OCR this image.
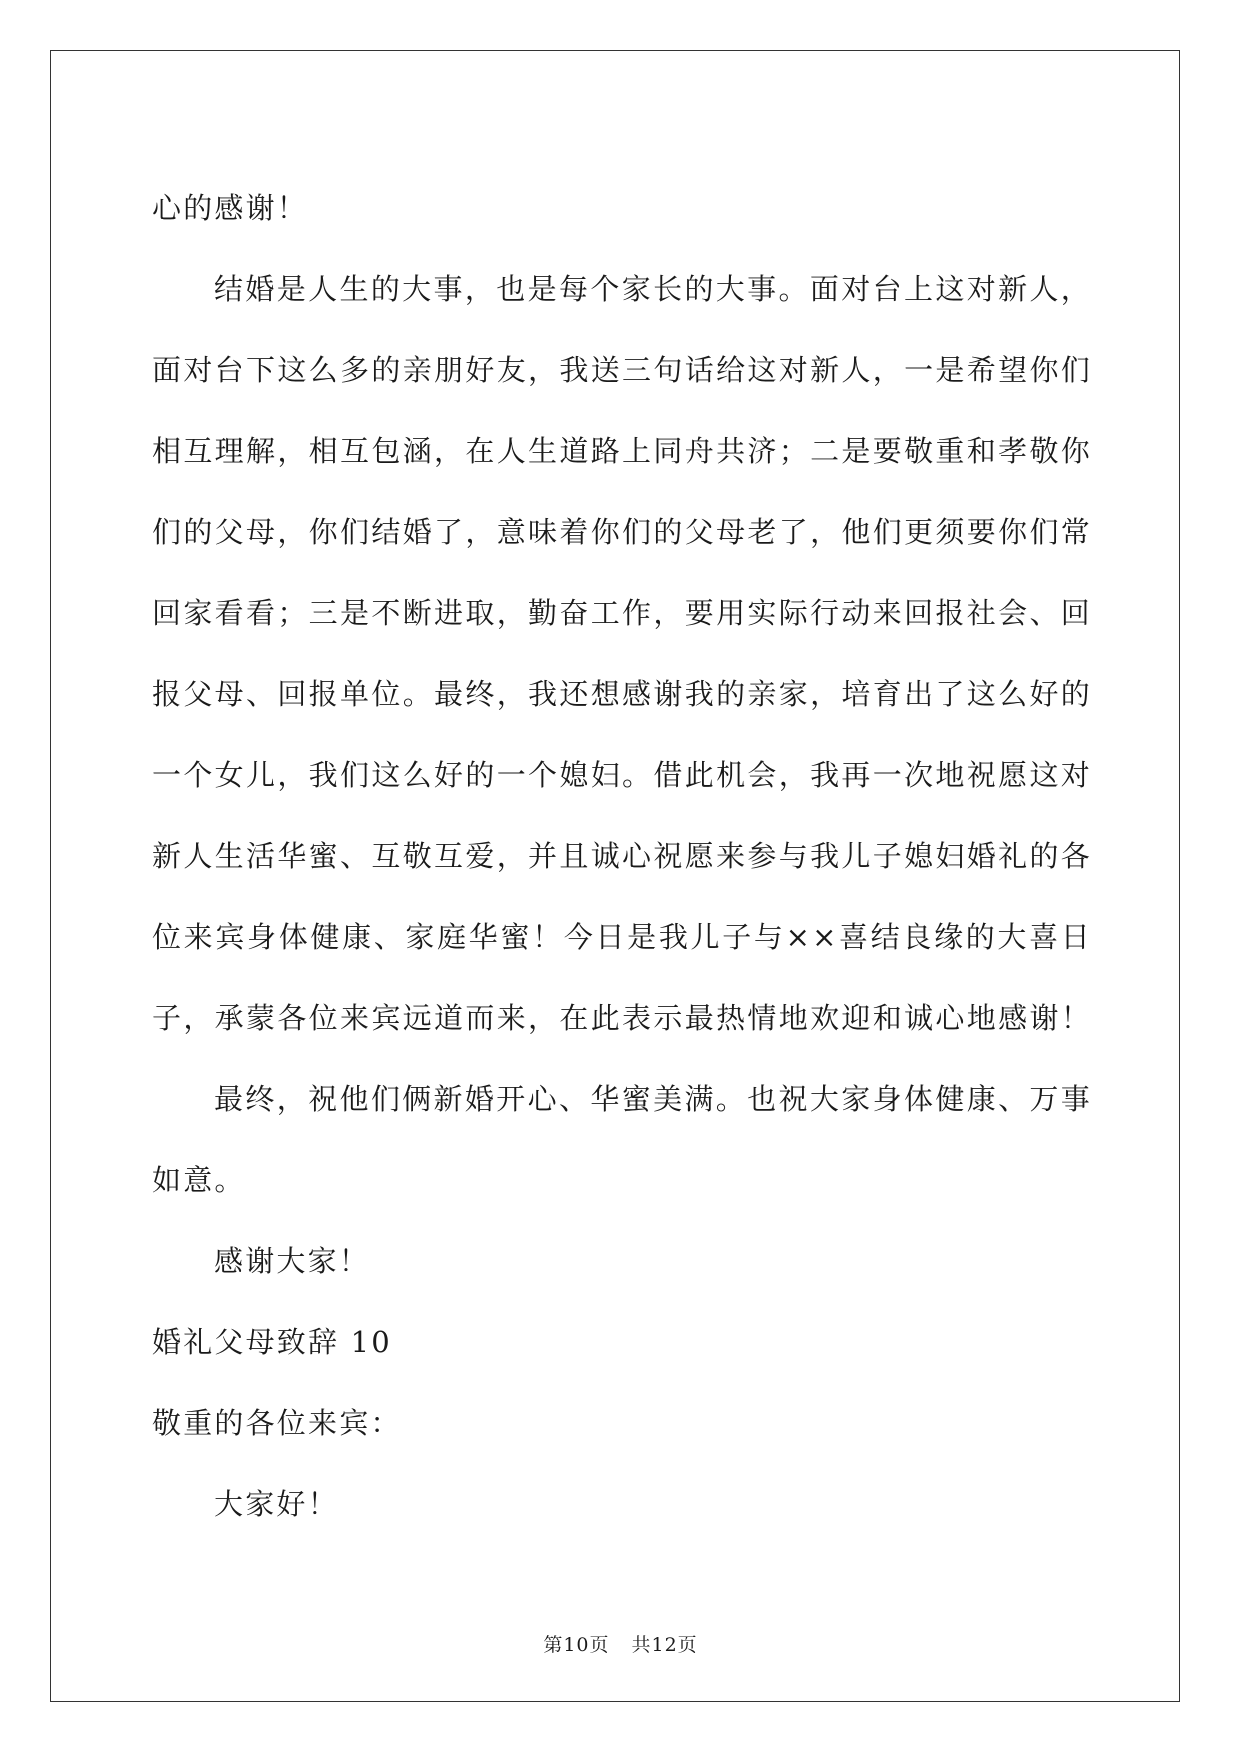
心的感谢！
结婚是人生的大事，也是每个家长的大事。面对台上这对新人，
面对台下这么多的亲朋好友，我送三句话给这对新人，一是希望你们
相互理解，相互包涵，在人生道路上同舟共济；二是要敬重和孝敬你
们的父母，你们结婚了，意味着你们的父母老了，他们更须要你们常
回家看看；三是不断进取，勤奋工作，要用实际行动来回报社会、回
报父母、回报单位。最终，我还想感谢我的亲家，培育出了这么好的
一个女儿，我们这么好的一个媳妇。借此机会，我再一次地祝愿这对
新人生活华蜜、互敬互爱，并且诚心祝愿来参与我儿子媳妇婚礼的各
位来宾身体健康、家庭华蜜！今日是我儿子与××喜结良缘的大喜日
子，承蒙各位来宾远道而来，在此表示最热情地欢迎和诚心地感谢！
最终，祝他们俩新婚开心、华蜜美满。也祝大家身体健康、万事
如意。
感谢大家！
婚礼父母致辞 10
敬重的各位来宾：
大家好！
第10页 共12页
